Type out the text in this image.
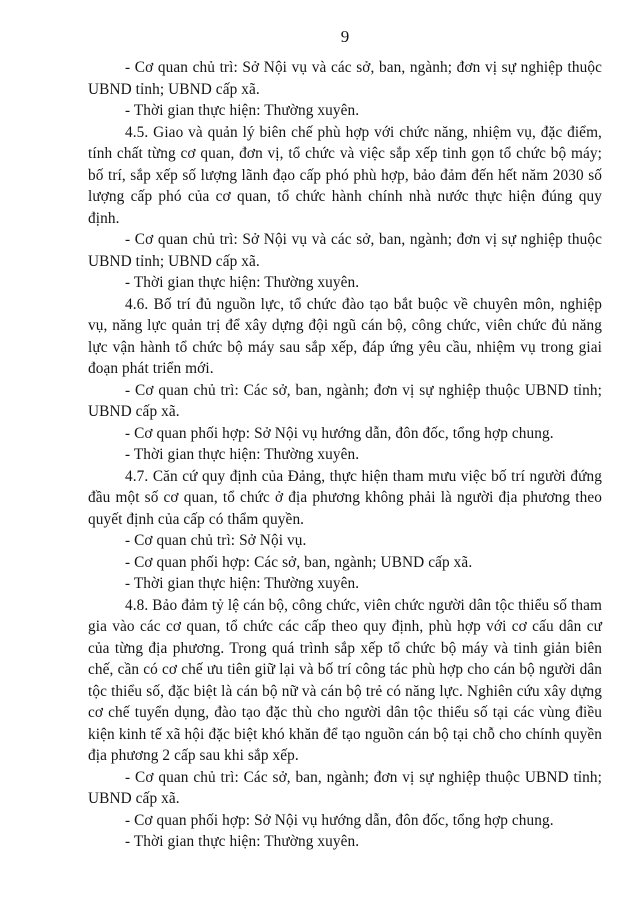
9

- Cơ quan chủ trì: Sở Nội vụ và các sở, ban, ngành; đơn vị sự nghiệp thuộc UBND tỉnh; UBND cấp xã.

- Thời gian thực hiện: Thường xuyên.

4.5. Giao và quản lý biên chế phù hợp với chức năng, nhiệm vụ, đặc điểm, tính chất từng cơ quan, đơn vị, tổ chức và việc sắp xếp tinh gọn tổ chức bộ máy; bố trí, sắp xếp số lượng lãnh đạo cấp phó phù hợp, bảo đảm đến hết năm 2030 số lượng cấp phó của cơ quan, tổ chức hành chính nhà nước thực hiện đúng quy định.

- Cơ quan chủ trì: Sở Nội vụ và các sở, ban, ngành; đơn vị sự nghiệp thuộc UBND tỉnh; UBND cấp xã.

- Thời gian thực hiện: Thường xuyên.

4.6. Bố trí đủ nguồn lực, tổ chức đào tạo bắt buộc về chuyên môn, nghiệp vụ, năng lực quản trị để xây dựng đội ngũ cán bộ, công chức, viên chức đủ năng lực vận hành tổ chức bộ máy sau sắp xếp, đáp ứng yêu cầu, nhiệm vụ trong giai đoạn phát triển mới.

- Cơ quan chủ trì: Các sở, ban, ngành; đơn vị sự nghiệp thuộc UBND tỉnh; UBND cấp xã.

- Cơ quan phối hợp: Sở Nội vụ hướng dẫn, đôn đốc, tổng hợp chung.

- Thời gian thực hiện: Thường xuyên.

4.7. Căn cứ quy định của Đảng, thực hiện tham mưu việc bố trí người đứng đầu một số cơ quan, tổ chức ở địa phương không phải là người địa phương theo quyết định của cấp có thẩm quyền.

- Cơ quan chủ trì: Sở Nội vụ.

- Cơ quan phối hợp: Các sở, ban, ngành; UBND cấp xã.

- Thời gian thực hiện: Thường xuyên.

4.8. Bảo đảm tỷ lệ cán bộ, công chức, viên chức người dân tộc thiểu số tham gia vào các cơ quan, tổ chức các cấp theo quy định, phù hợp với cơ cấu dân cư của từng địa phương. Trong quá trình sắp xếp tổ chức bộ máy và tinh giản biên chế, cần có cơ chế ưu tiên giữ lại và bố trí công tác phù hợp cho cán bộ người dân tộc thiểu số, đặc biệt là cán bộ nữ và cán bộ trẻ có năng lực. Nghiên cứu xây dựng cơ chế tuyển dụng, đào tạo đặc thù cho người dân tộc thiểu số tại các vùng điều kiện kinh tế xã hội đặc biệt khó khăn để tạo nguồn cán bộ tại chỗ cho chính quyền địa phương 2 cấp sau khi sắp xếp.

- Cơ quan chủ trì: Các sở, ban, ngành; đơn vị sự nghiệp thuộc UBND tỉnh; UBND cấp xã.

- Cơ quan phối hợp: Sở Nội vụ hướng dẫn, đôn đốc, tổng hợp chung.

- Thời gian thực hiện: Thường xuyên.
